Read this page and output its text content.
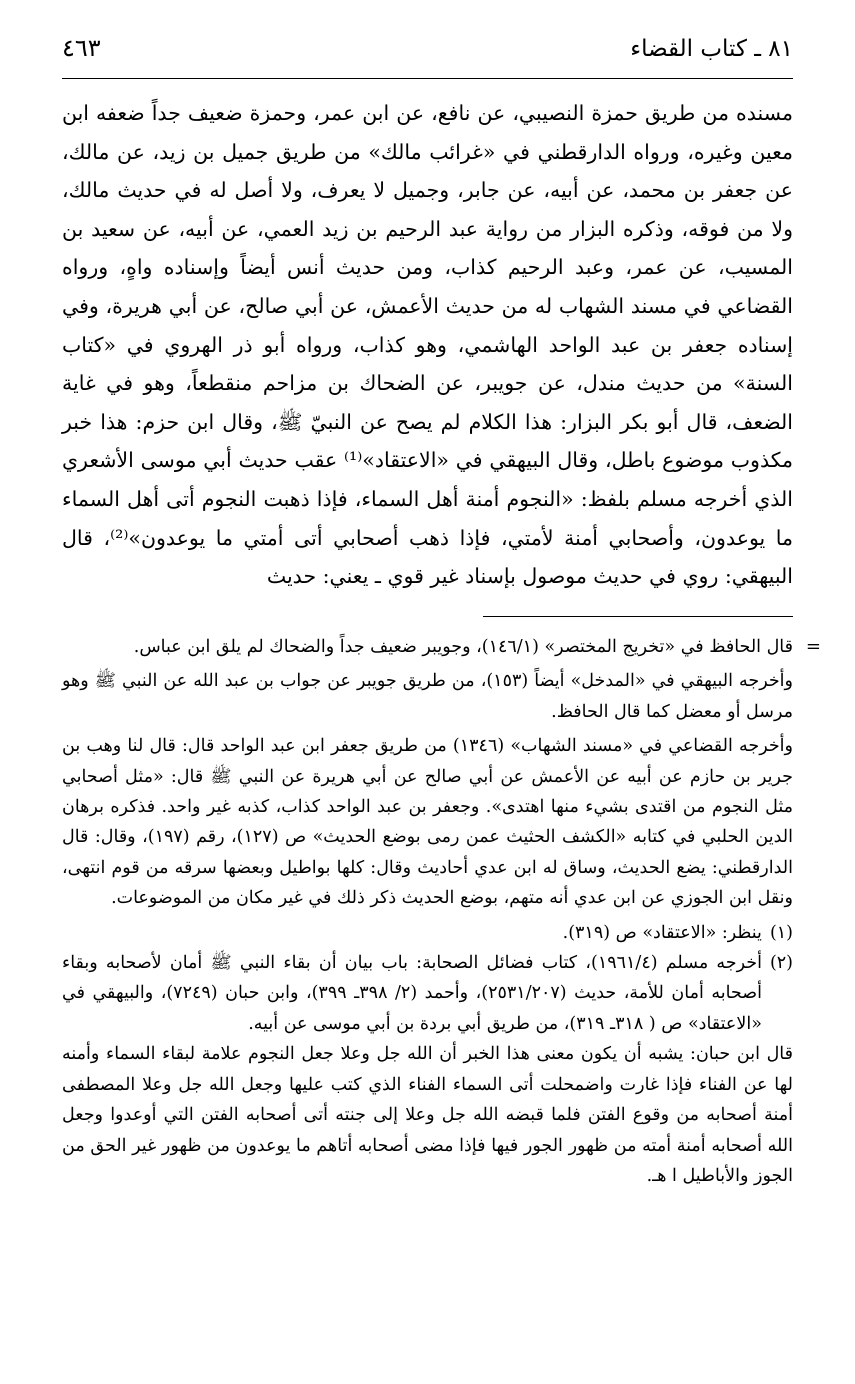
٨١ ـ كتاب القضاء
٤٦٣

مسنده من طريق حمزة النصيبي، عن نافع، عن ابن عمر، وحمزة ضعيف جداً ضعفه ابن معين وغيره، ورواه الدارقطني في «غرائب مالك» من طريق جميل بن زيد، عن مالك، عن جعفر بن محمد، عن أبيه، عن جابر، وجميل لا يعرف، ولا أصل له في حديث مالك، ولا من فوقه، وذكره البزار من رواية عبد الرحيم بن زيد العمي، عن أبيه، عن سعيد بن المسيب، عن عمر، وعبد الرحيم كذاب، ومن حديث أنس أيضاً وإسناده واهٍ، ورواه القضاعي في مسند الشهاب له من حديث الأعمش، عن أبي صالح، عن أبي هريرة، وفي إسناده جعفر بن عبد الواحد الهاشمي، وهو كذاب، ورواه أبو ذر الهروي في «كتاب السنة» من حديث مندل، عن جويبر، عن الضحاك بن مزاحم منقطعاً، وهو في غاية الضعف، قال أبو بكر البزار: هذا الكلام لم يصح عن النبيّ ﷺ، وقال ابن حزم: هذا خبر مكذوب موضوع باطل، وقال البيهقي في «الاعتقاد»⁽¹⁾ عقب حديث أبي موسى الأشعري الذي أخرجه مسلم بلفظ: «النجوم أمنة أهل السماء، فإذا ذهبت النجوم أتى أهل السماء ما يوعدون، وأصحابي أمنة لأمتي، فإذا ذهب أصحابي أتى أمتي ما يوعدون»⁽²⁾، قال البيهقي: روي في حديث موصول بإسناد غير قوي ـ يعني: حديث

=
قال الحافظ في «تخريج المختصر» (١٤٦/١)، وجويبر ضعيف جداً والضحاك لم يلق ابن عباس.

وأخرجه البيهقي في «المدخل» أيضاً (١٥٣)، من طريق جويبر عن جواب بن عبد الله عن النبي ﷺ وهو مرسل أو معضل كما قال الحافظ.

وأخرجه القضاعي في «مسند الشهاب» (١٣٤٦) من طريق جعفر ابن عبد الواحد قال: قال لنا وهب بن جرير بن حازم عن أبيه عن الأعمش عن أبي صالح عن أبي هريرة عن النبي ﷺ قال: «مثل أصحابي مثل النجوم من اقتدى بشيء منها اهتدى». وجعفر بن عبد الواحد كذاب، كذبه غير واحد. فذكره برهان الدين الحلبي في كتابه «الكشف الحثيث عمن رمى بوضع الحديث» ص (١٢٧)، رقم (١٩٧)، وقال: قال الدارقطني: يضع الحديث، وساق له ابن عدي أحاديث وقال: كلها بواطيل وبعضها سرقه من قوم انتهى، ونقل ابن الجوزي عن ابن عدي أنه متهم، بوضع الحديث ذكر ذلك في غير مكان من الموضوعات.

(١)
ينظر: «الاعتقاد» ص (٣١٩).
(٢)
أخرجه مسلم (١٩٦١/٤)، كتاب فضائل الصحابة: باب بيان أن بقاء النبي ﷺ أمان لأصحابه وبقاء أصحابه أمان للأمة، حديث (٢٥٣١/٢٠٧)، وأحمد (٢/ ٣٩٨ـ ٣٩٩)، وابن حبان (٧٢٤٩)، والبيهقي في «الاعتقاد» ص ( ٣١٨ـ ٣١٩)، من طريق أبي بردة بن أبي موسى عن أبيه.

قال ابن حبان: يشبه أن يكون معنى هذا الخبر أن الله جل وعلا جعل النجوم علامة لبقاء السماء وأمنه لها عن الفناء فإذا غارت واضمحلت أتى السماء الفناء الذي كتب عليها وجعل الله جل وعلا المصطفى أمنة أصحابه من وقوع الفتن فلما قبضه الله جل وعلا إلى جنته أتى أصحابه الفتن التي أوعدوا وجعل الله أصحابه أمنة أمته من ظهور الجور فيها فإذا مضى أصحابه أتاهم ما يوعدون من ظهور غير الحق من الجوز والأباطيل ا هـ.
